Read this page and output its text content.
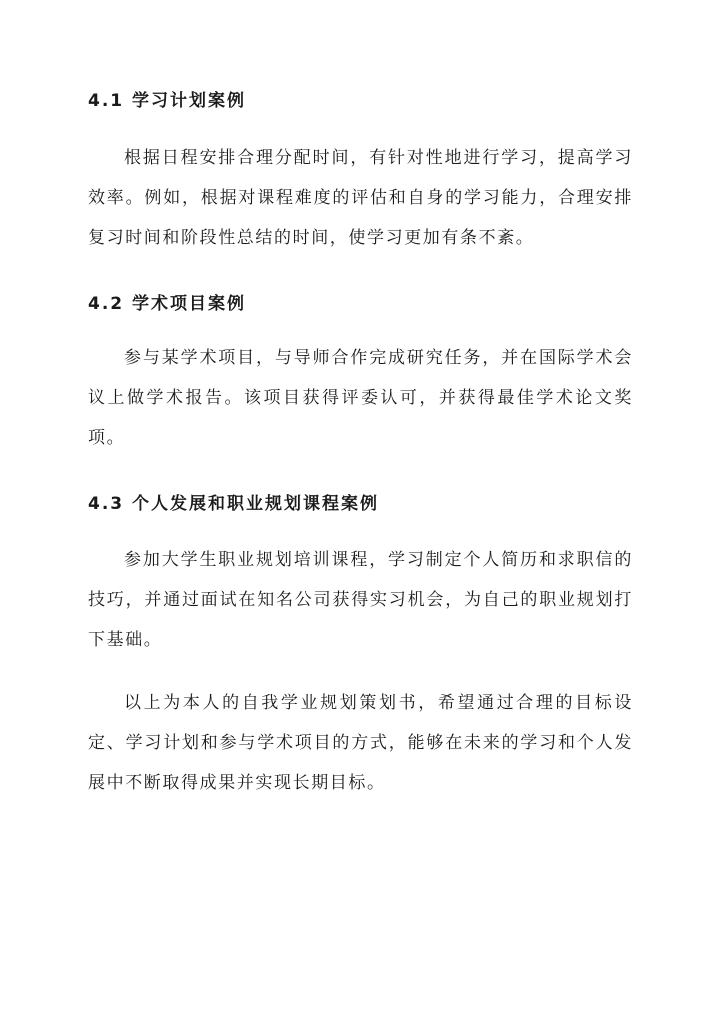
4.1 学习计划案例

根据日程安排合理分配时间，有针对性地进行学习，提高学习效率。例如，根据对课程难度的评估和自身的学习能力，合理安排复习时间和阶段性总结的时间，使学习更加有条不紊。

4.2 学术项目案例

参与某学术项目，与导师合作完成研究任务，并在国际学术会议上做学术报告。该项目获得评委认可，并获得最佳学术论文奖项。

4.3 个人发展和职业规划课程案例

参加大学生职业规划培训课程，学习制定个人简历和求职信的技巧，并通过面试在知名公司获得实习机会，为自己的职业规划打下基础。

以上为本人的自我学业规划策划书，希望通过合理的目标设定、学习计划和参与学术项目的方式，能够在未来的学习和个人发展中不断取得成果并实现长期目标。
